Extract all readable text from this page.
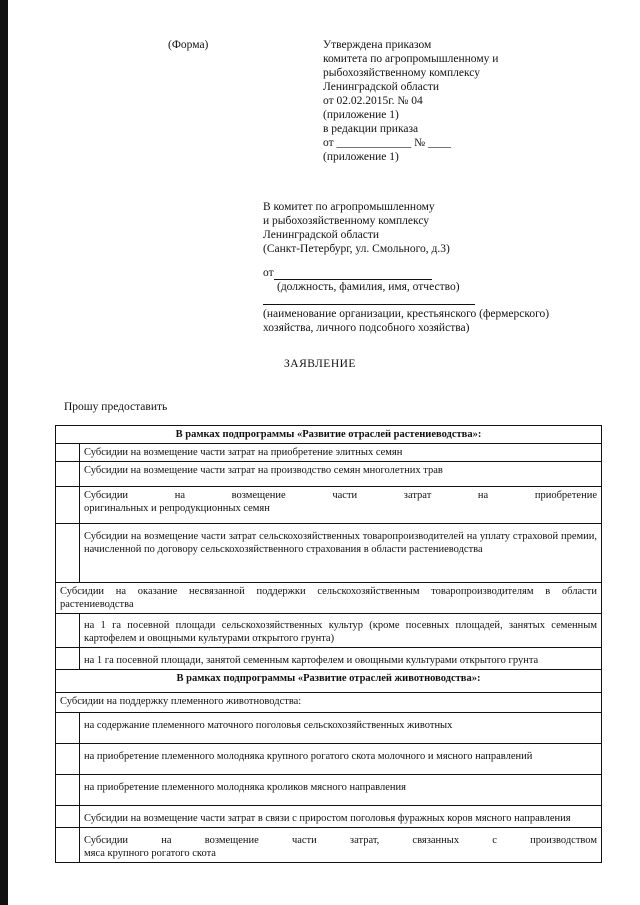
(Форма)	Утверждена приказом
комитета по агропромышленному и
рыбохозяйственному комплексу
Ленинградской области
от 02.02.2015г. № 04
(приложение 1)
в редакции приказа
от _____________ № ____
(приложение 1)
В комитет по агропромышленному
и рыбохозяйственному комплексу
Ленинградской области
(Санкт-Петербург, ул. Смольного, д.3)
от
(должность, фамилия, имя, отчество)
(наименование организации, крестьянского (фермерского)
хозяйства, личного подсобного хозяйства)
ЗАЯВЛЕНИЕ
Прошу предоставить
В рамках подпрограммы «Развитие отраслей растениеводства»:	
	Субсидии на возмещение части затрат на приобретение элитных семян
	Субсидии на возмещение части затрат на производство семян многолетних трав

	Субсидии на возмещение части затрат на приобретение
оригинальных и репродукционных семян
	Субсидии на возмещение части затрат сельскохозяйственных товаропроизводителей на уплату страховой премии, начисленной по договору сельскохозяйственного страхования в области растениеводства
Субсидии на оказание несвязанной поддержки сельскохозяйственным товаропроизводителям в области растениеводства	
	на 1 га посевной площади сельскохозяйственных культур (кроме посевных площадей, занятых семенным картофелем и овощными культурами открытого грунта)
	на 1 га посевной площади, занятой семенным картофелем и овощными культурами открытого грунта
В рамках подпрограммы «Развитие отраслей животноводства»:	
Субсидии на поддержку племенного животноводства:	
	на содержание племенного маточного поголовья сельскохозяйственных животных
	на приобретение племенного молодняка крупного рогатого скота молочного и мясного направлений
	на приобретение племенного молодняка кроликов мясного направления
	Субсидии на возмещение части затрат в связи с приростом поголовья фуражных коров мясного направления

	Субсидии на возмещение части затрат, связанных с производством
мяса крупного рогатого скота
